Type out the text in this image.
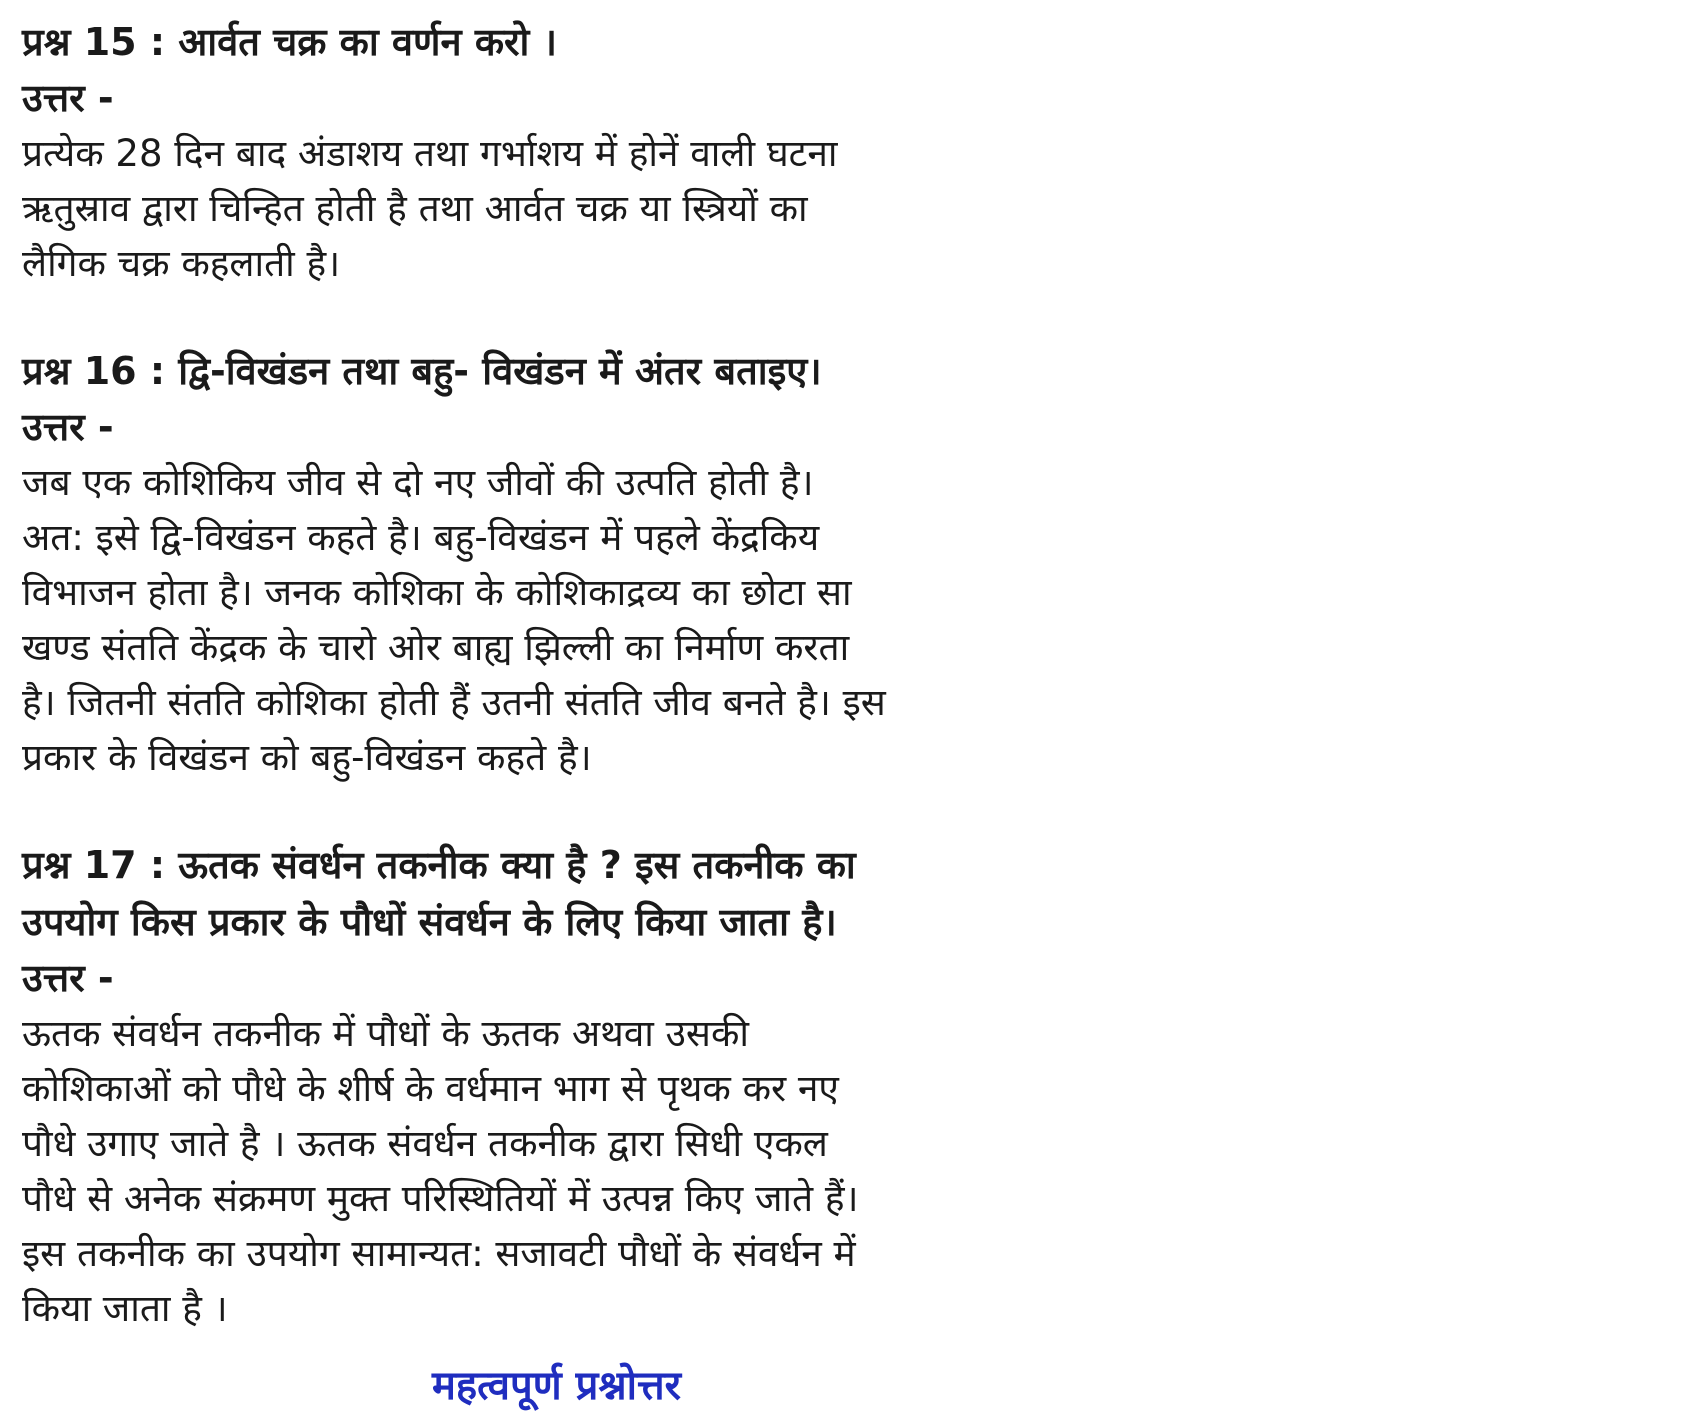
प्रश्न 15 : आर्वत चक्र का वर्णन करो ।

उत्तर -

प्रत्येक 28 दिन बाद अंडाशय तथा गर्भाशय में होनें वाली घटना

ऋतुस्राव द्वारा चिन्हित होती है तथा आर्वत चक्र या स्त्रियों का

लैगिक चक्र कहलाती है।

प्रश्न 16 : द्वि-विखंडन तथा बहु- विखंडन में अंतर बताइए।

उत्तर -

जब एक कोशिकिय जीव से दो नए जीवों की उत्पति होती है।

अत: इसे द्वि-विखंडन कहते है। बहु-विखंडन में पहले केंद्रकिय

विभाजन होता है। जनक कोशिका के कोशिकाद्रव्य का छोटा सा

खण्ड संतति केंद्रक के चारो ओर बाह्य झिल्ली का निर्माण करता

है। जितनी संतति कोशिका होती हैं उतनी संतति जीव बनते है। इस

प्रकार के विखंडन को बहु-विखंडन कहते है।

प्रश्न 17 : ऊतक संवर्धन तकनीक क्या है ? इस तकनीक का

उपयोग किस प्रकार के पौधों संवर्धन के लिए किया जाता है।

उत्तर -

ऊतक संवर्धन तकनीक में पौधों के ऊतक अथवा उसकी

कोशिकाओं को पौधे के शीर्ष के वर्धमान भाग से पृथक कर नए

पौधे उगाए जाते है । ऊतक संवर्धन तकनीक द्वारा सिधी एकल

पौधे से अनेक संक्रमण मुक्त परिस्थितियों में उत्पन्न किए जाते हैं।

इस तकनीक का उपयोग सामान्यत: सजावटी पौधों के संवर्धन में

किया जाता है ।

महत्वपूर्ण प्रश्नोत्तर
